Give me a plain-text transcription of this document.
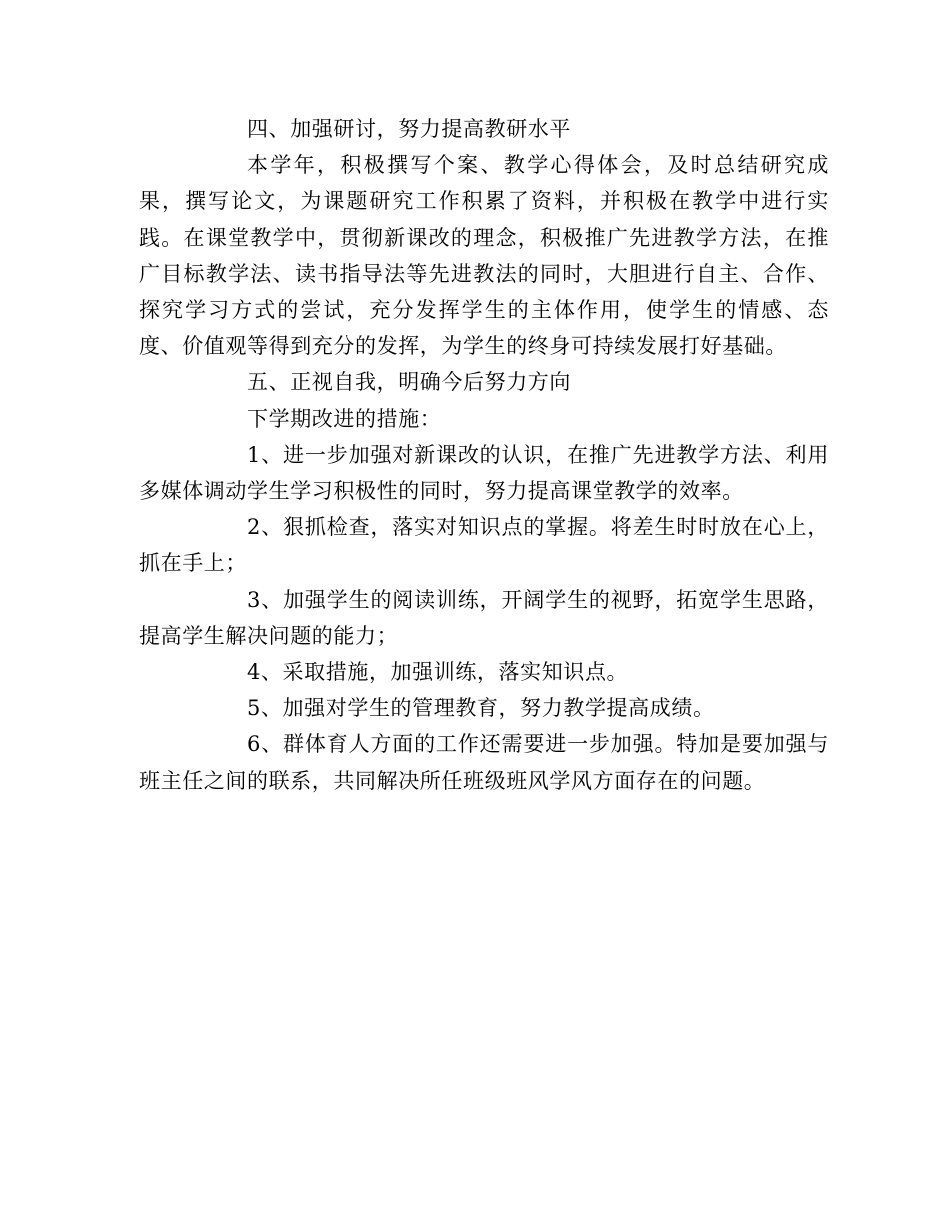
四、加强研讨，努力提高教研水平

本学年，积极撰写个案、教学心得体会，及时总结研究成果，撰写论文，为课题研究工作积累了资料，并积极在教学中进行实践。在课堂教学中，贯彻新课改的理念，积极推广先进教学方法，在推广目标教学法、读书指导法等先进教法的同时，大胆进行自主、合作、探究学习方式的尝试，充分发挥学生的主体作用，使学生的情感、态度、价值观等得到充分的发挥，为学生的终身可持续发展打好基础。

五、正视自我，明确今后努力方向

下学期改进的措施：

1、进一步加强对新课改的认识，在推广先进教学方法、利用多媒体调动学生学习积极性的同时，努力提高课堂教学的效率。

2、狠抓检查，落实对知识点的掌握。将差生时时放在心上，抓在手上；

3、加强学生的阅读训练，开阔学生的视野，拓宽学生思路，提高学生解决问题的能力；

4、采取措施，加强训练，落实知识点。

5、加强对学生的管理教育，努力教学提高成绩。

6、群体育人方面的工作还需要进一步加强。特加是要加强与班主任之间的联系，共同解决所任班级班风学风方面存在的问题。
